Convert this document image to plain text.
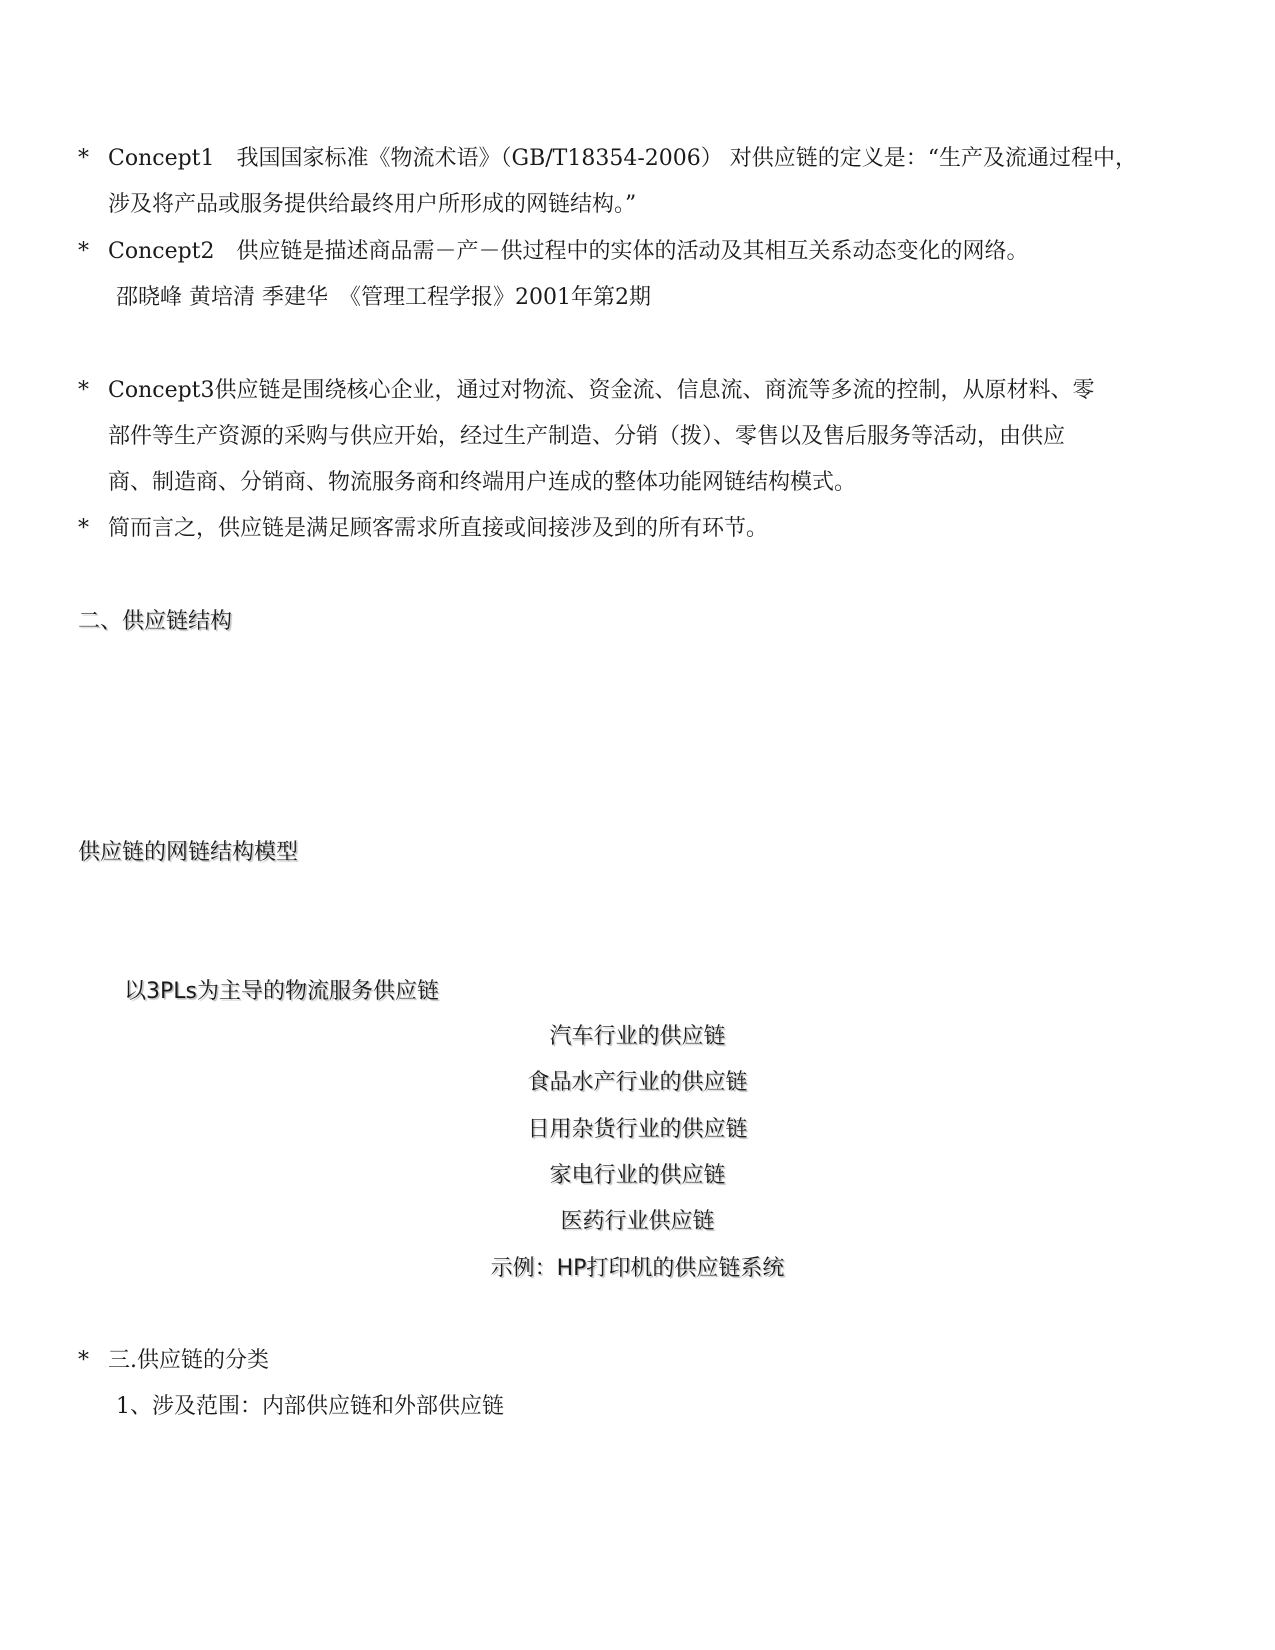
* Concept1　我国国家标准《物流术语》（GB/T18354-2006） 对供应链的定义是：“生产及流通过程中，
涉及将产品或服务提供给最终用户所形成的网链结构。”
* Concept2　供应链是描述商品需－产－供过程中的实体的活动及其相互关系动态变化的网络。
邵晓峰 黄培清 季建华　《管理工程学报》2001年第2期
* Concept3供应链是围绕核心企业，通过对物流、资金流、信息流、商流等多流的控制，从原材料、零
部件等生产资源的采购与供应开始，经过生产制造、分销（拨）、零售以及售后服务等活动，由供应
商、制造商、分销商、物流服务商和终端用户连成的整体功能网链结构模式。
* 简而言之，供应链是满足顾客需求所直接或间接涉及到的所有环节。
二、供应链结构
供应链的网链结构模型
以3PLs为主导的物流服务供应链
汽车行业的供应链
食品水产行业的供应链
日用杂货行业的供应链
家电行业的供应链
医药行业供应链
示例：HP打印机的供应链系统
* 三.供应链的分类
1、涉及范围：内部供应链和外部供应链
